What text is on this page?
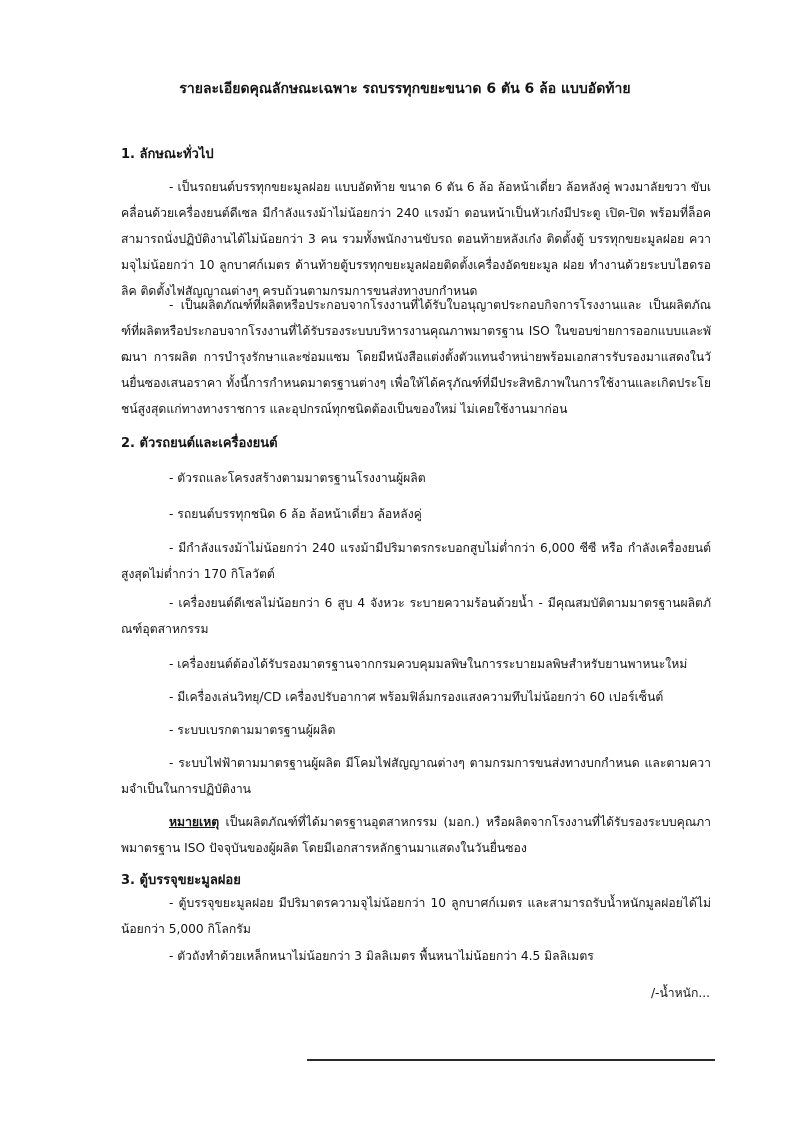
รายละเอียดคุณลักษณะเฉพาะ รถบรรทุกขยะขนาด 6 ตัน 6 ล้อ แบบอัดท้าย
1. ลักษณะทั่วไป
- เป็นรถยนต์บรรทุกขยะมูลฝอย แบบอัดท้าย ขนาด 6 ตัน 6 ล้อ ล้อหน้าเดี่ยว ล้อหลังคู่ พวงมาลัยขวา ขับเคลื่อนด้วยเครื่องยนต์ดีเซล มีกำลังแรงม้าไม่น้อยกว่า 240 แรงม้า ตอนหน้าเป็นหัวเก๋งมีประตู เปิด-ปิด พร้อมที่ล็อค สามารถนั่งปฏิบัติงานได้ไม่น้อยกว่า 3 คน รวมทั้งพนักงานขับรถ ตอนท้ายหลังเก๋ง ติดตั้งตู้ บรรทุกขยะมูลฝอย ความจุไม่น้อยกว่า 10 ลูกบาศก์เมตร ด้านท้ายตู้บรรทุกขยะมูลฝอยติดตั้งเครื่องอัดขยะมูล ฝอย ทำงานด้วยระบบไฮดรอลิค ติดตั้งไฟสัญญาณต่างๆ ครบถ้วนตามกรมการขนส่งทางบกกำหนด
- เป็นผลิตภัณฑ์ที่ผลิตหรือประกอบจากโรงงานที่ได้รับใบอนุญาตประกอบกิจการโรงงานและ เป็นผลิตภัณฑ์ที่ผลิตหรือประกอบจากโรงงานที่ได้รับรองระบบบริหารงานคุณภาพมาตรฐาน ISO ในขอบข่ายการออกแบบและพัฒนา การผลิต การบำรุงรักษาและซ่อมแซม โดยมีหนังสือแต่งตั้งตัวแทนจำหน่ายพร้อมเอกสารรับรองมาแสดงในวันยื่นซองเสนอราคา ทั้งนี้การกำหนดมาตรฐานต่างๆ เพื่อให้ได้ครุภัณฑ์ที่มีประสิทธิภาพในการใช้งานและเกิดประโยชน์สูงสุดแก่ทางทางราชการ และอุปกรณ์ทุกชนิดต้องเป็นของใหม่ ไม่เคยใช้งานมาก่อน
2. ตัวรถยนต์และเครื่องยนต์
- ตัวรถและโครงสร้างตามมาตรฐานโรงงานผู้ผลิต
- รถยนต์บรรทุกชนิด 6 ล้อ ล้อหน้าเดี่ยว ล้อหลังคู่
- มีกำลังแรงม้าไม่น้อยกว่า 240 แรงม้ามีปริมาตรกระบอกสูบไม่ต่ำกว่า 6,000 ซีซี หรือ กำลังเครื่องยนต์สูงสุดไม่ต่ำกว่า 170 กิโลวัตต์
- เครื่องยนต์ดีเซลไม่น้อยกว่า 6 สูบ 4 จังหวะ ระบายความร้อนด้วยน้ำ - มีคุณสมบัติตามมาตรฐานผลิตภัณฑ์อุตสาหกรรม
- เครื่องยนต์ต้องได้รับรองมาตรฐานจากกรมควบคุมมลพิษในการระบายมลพิษสำหรับยานพาหนะใหม่
- มีเครื่องเล่นวิทยุ/CD เครื่องปรับอากาศ พร้อมฟิล์มกรองแสงความทึบไม่น้อยกว่า 60 เปอร์เซ็นต์
- ระบบเบรกตามมาตรฐานผู้ผลิต
- ระบบไฟฟ้าตามมาตรฐานผู้ผลิต มีโคมไฟสัญญาณต่างๆ ตามกรมการขนส่งทางบกกำหนด และตามความจำเป็นในการปฏิบัติงาน
หมายเหตุ เป็นผลิตภัณฑ์ที่ได้มาตรฐานอุตสาหกรรม (มอก.) หรือผลิตจากโรงงานที่ได้รับรองระบบคุณภาพมาตรฐาน ISO ปัจจุบันของผู้ผลิต โดยมีเอกสารหลักฐานมาแสดงในวันยื่นซอง
3. ตู้บรรจุขยะมูลฝอย
- ตู้บรรจุขยะมูลฝอย มีปริมาตรความจุไม่น้อยกว่า 10 ลูกบาศก์เมตร และสามารถรับน้ำหนักมูลฝอยได้ไม่น้อยกว่า 5,000 กิโลกรัม
- ตัวถังทำด้วยเหล็กหนาไม่น้อยกว่า 3 มิลลิเมตร พื้นหนาไม่น้อยกว่า 4.5 มิลลิเมตร
/-น้ำหนัก...
